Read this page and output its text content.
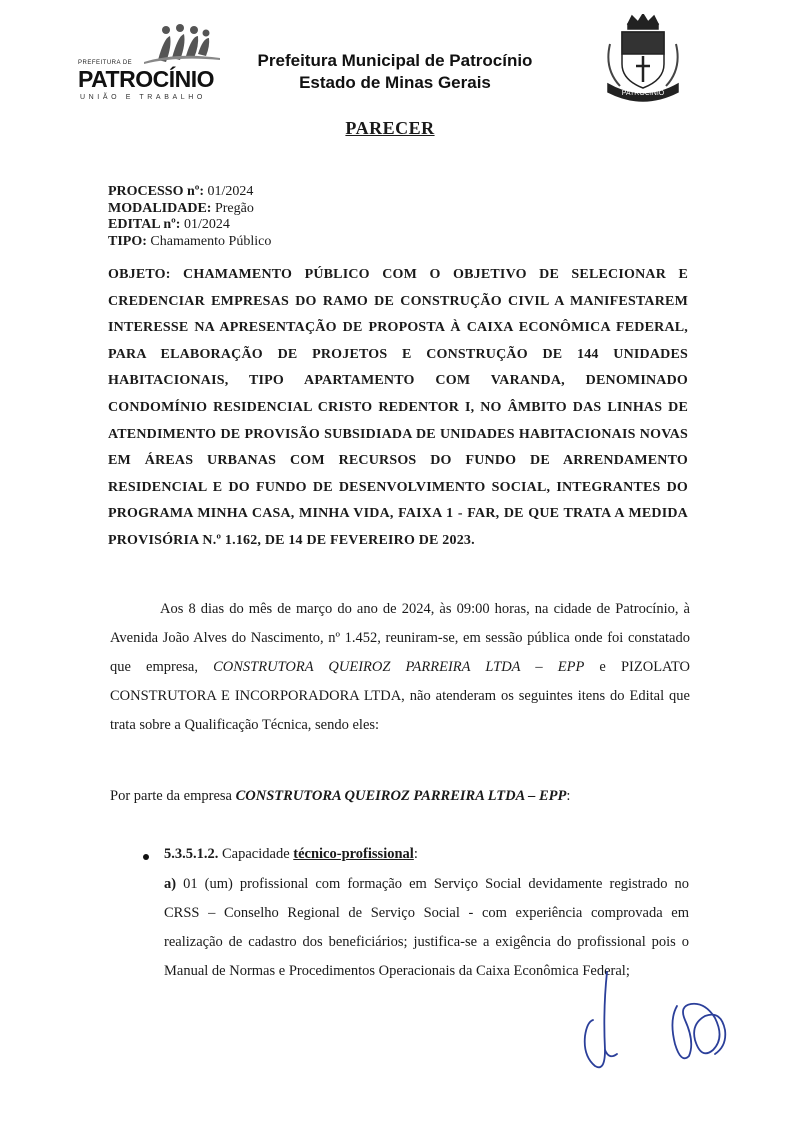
PREFEITURA DE
PATROCÍNIO
UNIÃO E TRABALHO
Prefeitura Municipal de Patrocínio
Estado de Minas Gerais
PATROCÍNIO
PARECER
PROCESSO nº: 01/2024
MODALIDADE: Pregão
EDITAL nº: 01/2024
TIPO: Chamamento Público
OBJETO: CHAMAMENTO PÚBLICO COM O OBJETIVO DE SELECIONAR E CREDENCIAR EMPRESAS DO RAMO DE CONSTRUÇÃO CIVIL A MANIFESTAREM INTERESSE NA APRESENTAÇÃO DE PROPOSTA À CAIXA ECONÔMICA FEDERAL, PARA ELABORAÇÃO DE PROJETOS E CONSTRUÇÃO DE 144 UNIDADES HABITACIONAIS, TIPO APARTAMENTO COM VARANDA, DENOMINADO CONDOMÍNIO RESIDENCIAL CRISTO REDENTOR I, NO ÂMBITO DAS LINHAS DE ATENDIMENTO DE PROVISÃO SUBSIDIADA DE UNIDADES HABITACIONAIS NOVAS EM ÁREAS URBANAS COM RECURSOS DO FUNDO DE ARRENDAMENTO RESIDENCIAL E DO FUNDO DE DESENVOLVIMENTO SOCIAL, INTEGRANTES DO PROGRAMA MINHA CASA, MINHA VIDA, FAIXA 1 - FAR, DE QUE TRATA A MEDIDA PROVISÓRIA N.º 1.162, DE 14 DE FEVEREIRO DE 2023.
Aos 8 dias do mês de março do ano de 2024, às 09:00 horas, na cidade de Patrocínio, à Avenida João Alves do Nascimento, nº 1.452, reuniram-se, em sessão pública onde foi constatado que empresa, CONSTRUTORA QUEIROZ PARREIRA LTDA – EPP e PIZOLATO CONSTRUTORA E INCORPORADORA LTDA, não atenderam os seguintes itens do Edital que trata sobre a Qualificação Técnica, sendo eles:
Por parte da empresa CONSTRUTORA QUEIROZ PARREIRA LTDA – EPP:
5.3.5.1.2. Capacidade técnico-profissional:
a) 01 (um) profissional com formação em Serviço Social devidamente registrado no CRSS – Conselho Regional de Serviço Social - com experiência comprovada em realização de cadastro dos beneficiários; justifica-se a exigência do profissional pois o Manual de Normas e Procedimentos Operacionais da Caixa Econômica Federal;
